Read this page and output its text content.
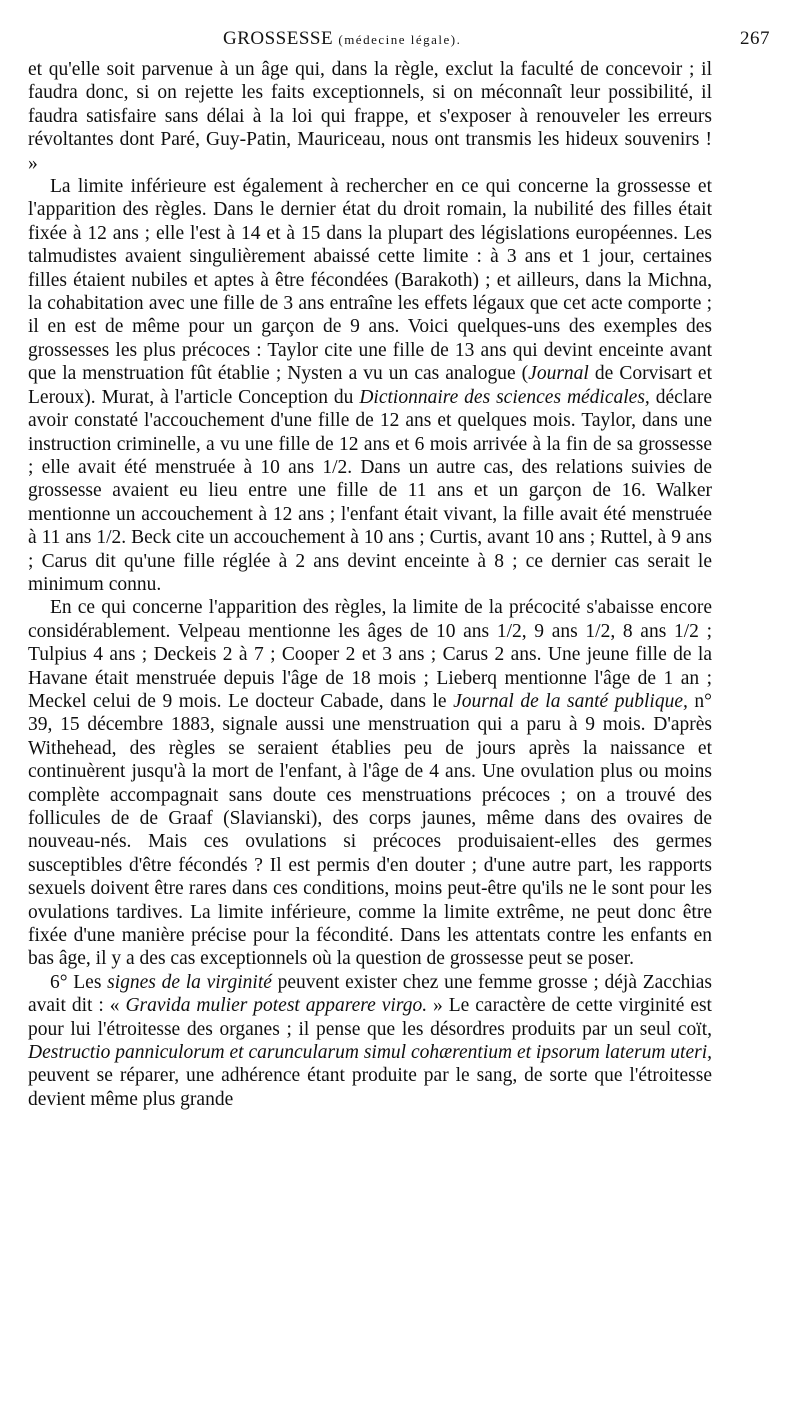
GROSSESSE (médecine légale).	267

et qu'elle soit parvenue à un âge qui, dans la règle, exclut la faculté de concevoir ; il faudra donc, si on rejette les faits exceptionnels, si on méconnaît leur possibilité, il faudra satisfaire sans délai à la loi qui frappe, et s'exposer à renouveler les erreurs révoltantes dont Paré, Guy-Patin, Mauriceau, nous ont transmis les hideux souvenirs ! »

La limite inférieure est également à rechercher en ce qui concerne la grossesse et l'apparition des règles. Dans le dernier état du droit romain, la nubilité des filles était fixée à 12 ans ; elle l'est à 14 et à 15 dans la plupart des législations européennes. Les talmudistes avaient singulièrement abaissé cette limite : à 3 ans et 1 jour, certaines filles étaient nubiles et aptes à être fécondées (Barakoth) ; et ailleurs, dans la Michna, la cohabitation avec une fille de 3 ans entraîne les effets légaux que cet acte comporte ; il en est de même pour un garçon de 9 ans. Voici quelques-uns des exemples des grossesses les plus précoces : Taylor cite une fille de 13 ans qui devint enceinte avant que la menstruation fût établie ; Nysten a vu un cas analogue (Journal de Corvisart et Leroux). Murat, à l'article Conception du Dictionnaire des sciences médicales, déclare avoir constaté l'accouchement d'une fille de 12 ans et quelques mois. Taylor, dans une instruction criminelle, a vu une fille de 12 ans et 6 mois arrivée à la fin de sa grossesse ; elle avait été menstruée à 10 ans 1/2. Dans un autre cas, des relations suivies de grossesse avaient eu lieu entre une fille de 11 ans et un garçon de 16. Walker mentionne un accouchement à 12 ans ; l'enfant était vivant, la fille avait été menstruée à 11 ans 1/2. Beck cite un accouchement à 10 ans ; Curtis, avant 10 ans ; Ruttel, à 9 ans ; Carus dit qu'une fille réglée à 2 ans devint enceinte à 8 ; ce dernier cas serait le minimum connu.

En ce qui concerne l'apparition des règles, la limite de la précocité s'abaisse encore considérablement. Velpeau mentionne les âges de 10 ans 1/2, 9 ans 1/2, 8 ans 1/2 ; Tulpius 4 ans ; Deckeis 2 à 7 ; Cooper 2 et 3 ans ; Carus 2 ans. Une jeune fille de la Havane était menstruée depuis l'âge de 18 mois ; Lieberq mentionne l'âge de 1 an ; Meckel celui de 9 mois. Le docteur Cabade, dans le Journal de la santé publique, n° 39, 15 décembre 1883, signale aussi une menstruation qui a paru à 9 mois. D'après Withehead, des règles se seraient établies peu de jours après la naissance et continuèrent jusqu'à la mort de l'enfant, à l'âge de 4 ans. Une ovulation plus ou moins complète accompagnait sans doute ces menstruations précoces ; on a trouvé des follicules de de Graaf (Slavianski), des corps jaunes, même dans des ovaires de nouveau-nés. Mais ces ovulations si précoces produisaient-elles des germes susceptibles d'être fécondés ? Il est permis d'en douter ; d'une autre part, les rapports sexuels doivent être rares dans ces conditions, moins peut-être qu'ils ne le sont pour les ovulations tardives. La limite inférieure, comme la limite extrême, ne peut donc être fixée d'une manière précise pour la fécondité. Dans les attentats contre les enfants en bas âge, il y a des cas exceptionnels où la question de grossesse peut se poser.

6° Les signes de la virginité peuvent exister chez une femme grosse ; déjà Zacchias avait dit : « Gravida mulier potest apparere virgo. » Le caractère de cette virginité est pour lui l'étroitesse des organes ; il pense que les désordres produits par un seul coït, Destructio panniculorum et caruncularum simul cohærentium et ipsorum laterum uteri, peuvent se réparer, une adhérence étant produite par le sang, de sorte que l'étroitesse devient même plus grande
